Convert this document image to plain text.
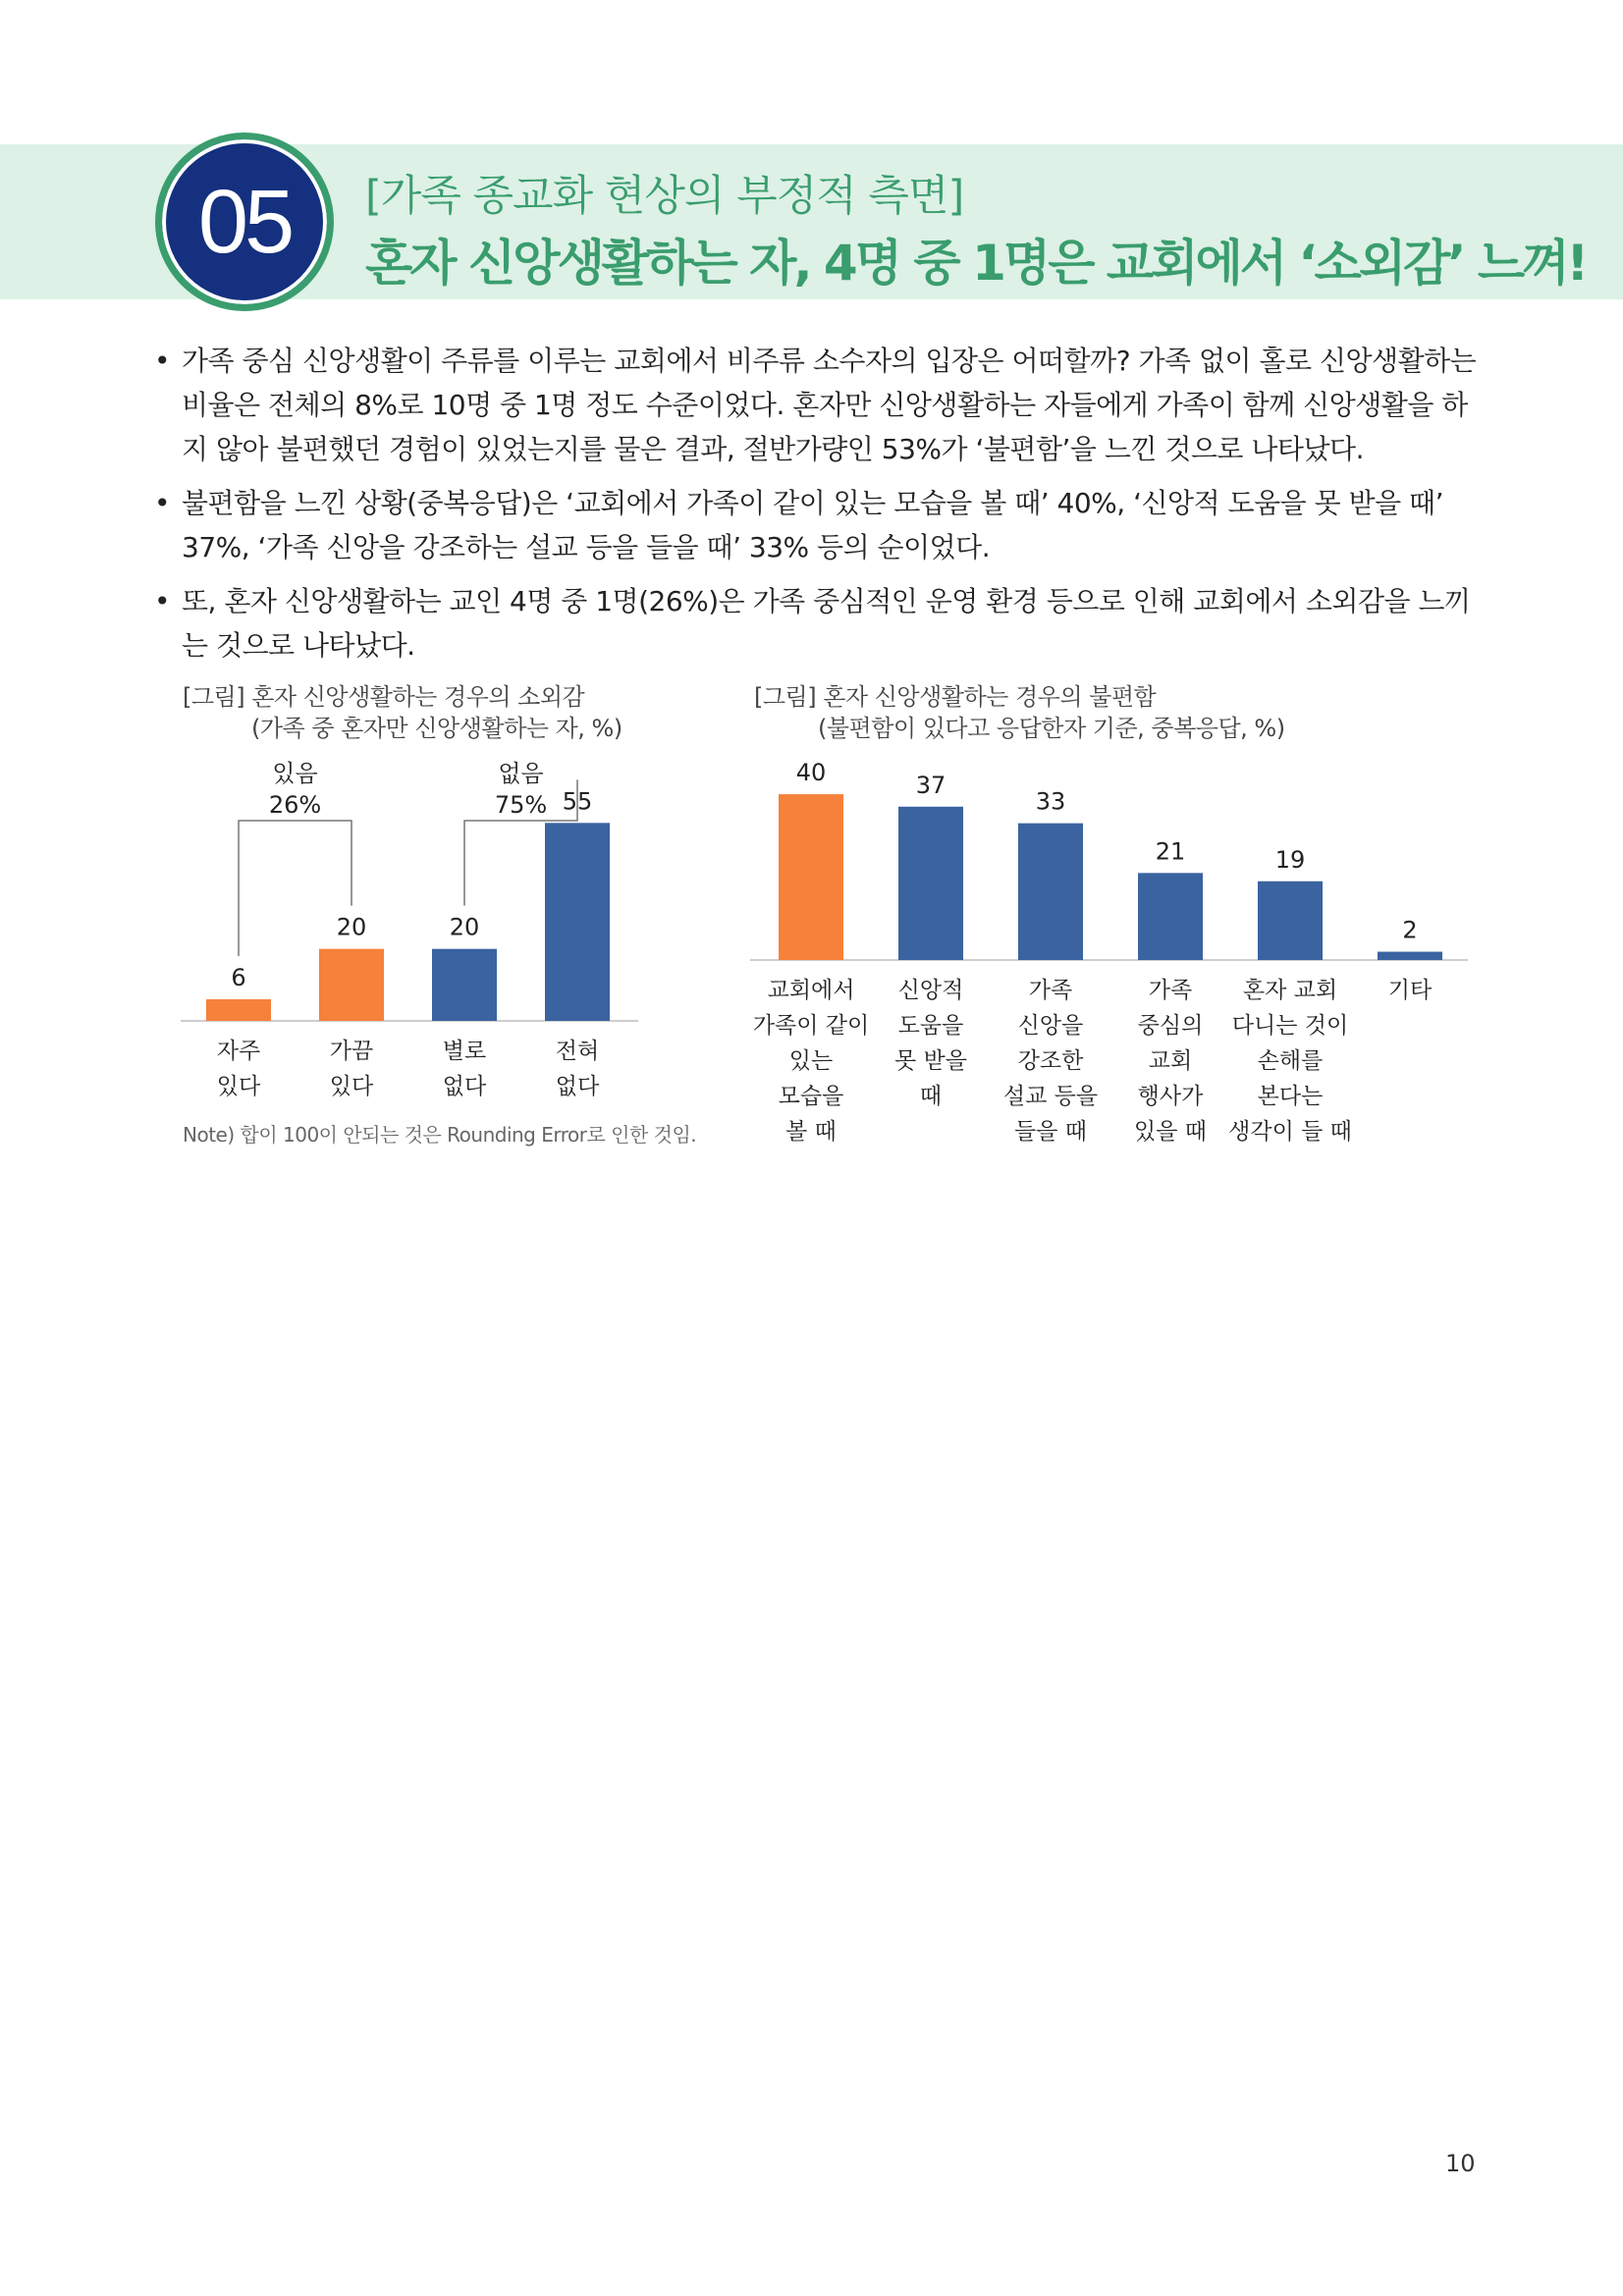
05	[가족 종교화 현상의 부정적 측면]
혼자 신앙생활하는 자, 4명 중 1명은 교회에서 ‘소외감’ 느껴!
• 가족 중심 신앙생활이 주류를 이루는 교회에서 비주류 소수자의 입장은 어떠할까? 가족 없이 홀로 신앙생활하는 비율은 전체의 8%로 10명 중 1명 정도 수준이었다. 혼자만 신앙생활하는 자들에게 가족이 함께 신앙생활을 하지 않아 불편했던 경험이 있었는지를 물은 결과, 절반가량인 53%가 ‘불편함’을 느낀 것으로 나타났다.
• 불편함을 느낀 상황(중복응답)은 ‘교회에서 가족이 같이 있는 모습을 볼 때’ 40%, ‘신앙적 도움을 못 받을 때’ 37%, ‘가족 신앙을 강조하는 설교 등을 들을 때’ 33% 등의 순이었다.
• 또, 혼자 신앙생활하는 교인 4명 중 1명(26%)은 가족 중심적인 운영 환경 등으로 인해 교회에서 소외감을 느끼는 것으로 나타났다.
[그림] 혼자 신앙생활하는 경우의 소외감
(가족 중 혼자만 신앙생활하는 자, %)
[그림] 혼자 신앙생활하는 경우의 불편함
(불편함이 있다고 응답한자 기준, 중복응답, %)
6
자주
있다
20
가끔
있다
20
별로
없다
55
전혀
없다
있음
26%
없음
75%
40
교회에서
가족이 같이
있는
모습을
볼 때
37
신앙적
도움을
못 받을
때
33
가족
신앙을
강조한
설교 등을
들을 때
21
가족
중심의
교회
행사가
있을 때
19
혼자 교회
다니는 것이
손해를
본다는
생각이 들 때
2
기타
Note) 합이 100이 안되는 것은 Rounding Error로 인한 것임.
10
